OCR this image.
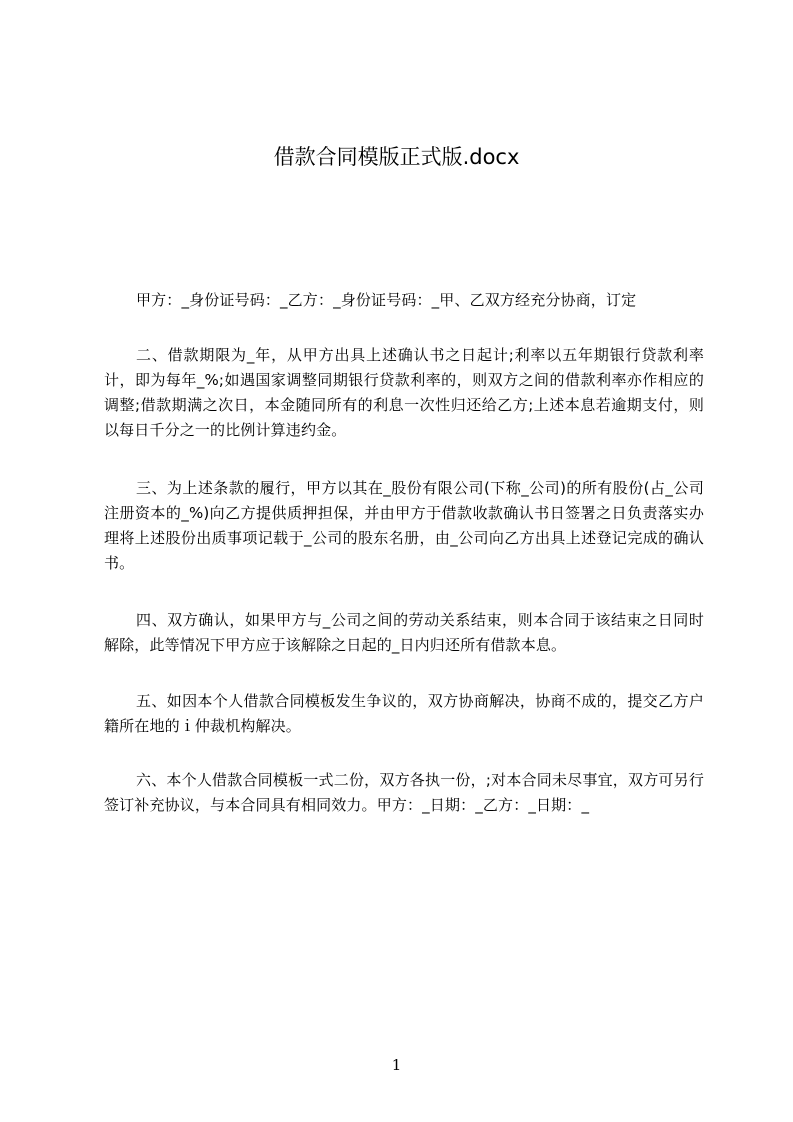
借款合同模版正式版.docx

甲方：_身份证号码：_乙方：_身份证号码：_甲、乙双方经充分协商，订定

二、借款期限为_年，从甲方出具上述确认书之日起计;利率以五年期银行贷款利率计，即为每年_%;如遇国家调整同期银行贷款利率的，则双方之间的借款利率亦作相应的调整;借款期满之次日，本金随同所有的利息一次性归还给乙方;上述本息若逾期支付，则以每日千分之一的比例计算违约金。

三、为上述条款的履行，甲方以其在_股份有限公司(下称_公司)的所有股份(占_公司注册资本的_%)向乙方提供质押担保，并由甲方于借款收款确认书日签署之日负责落实办理将上述股份出质事项记载于_公司的股东名册，由_公司向乙方出具上述登记完成的确认书。

四、双方确认，如果甲方与_公司之间的劳动关系结束，则本合同于该结束之日同时解除，此等情况下甲方应于该解除之日起的_日内归还所有借款本息。

五、如因本个人借款合同模板发生争议的，双方协商解决，协商不成的，提交乙方户籍所在地的ｉ仲裁机构解决。

六、本个人借款合同模板一式二份，双方各执一份，;对本合同未尽事宜，双方可另行签订补充协议，与本合同具有相同效力。甲方：_日期：_乙方：_日期：_

1
